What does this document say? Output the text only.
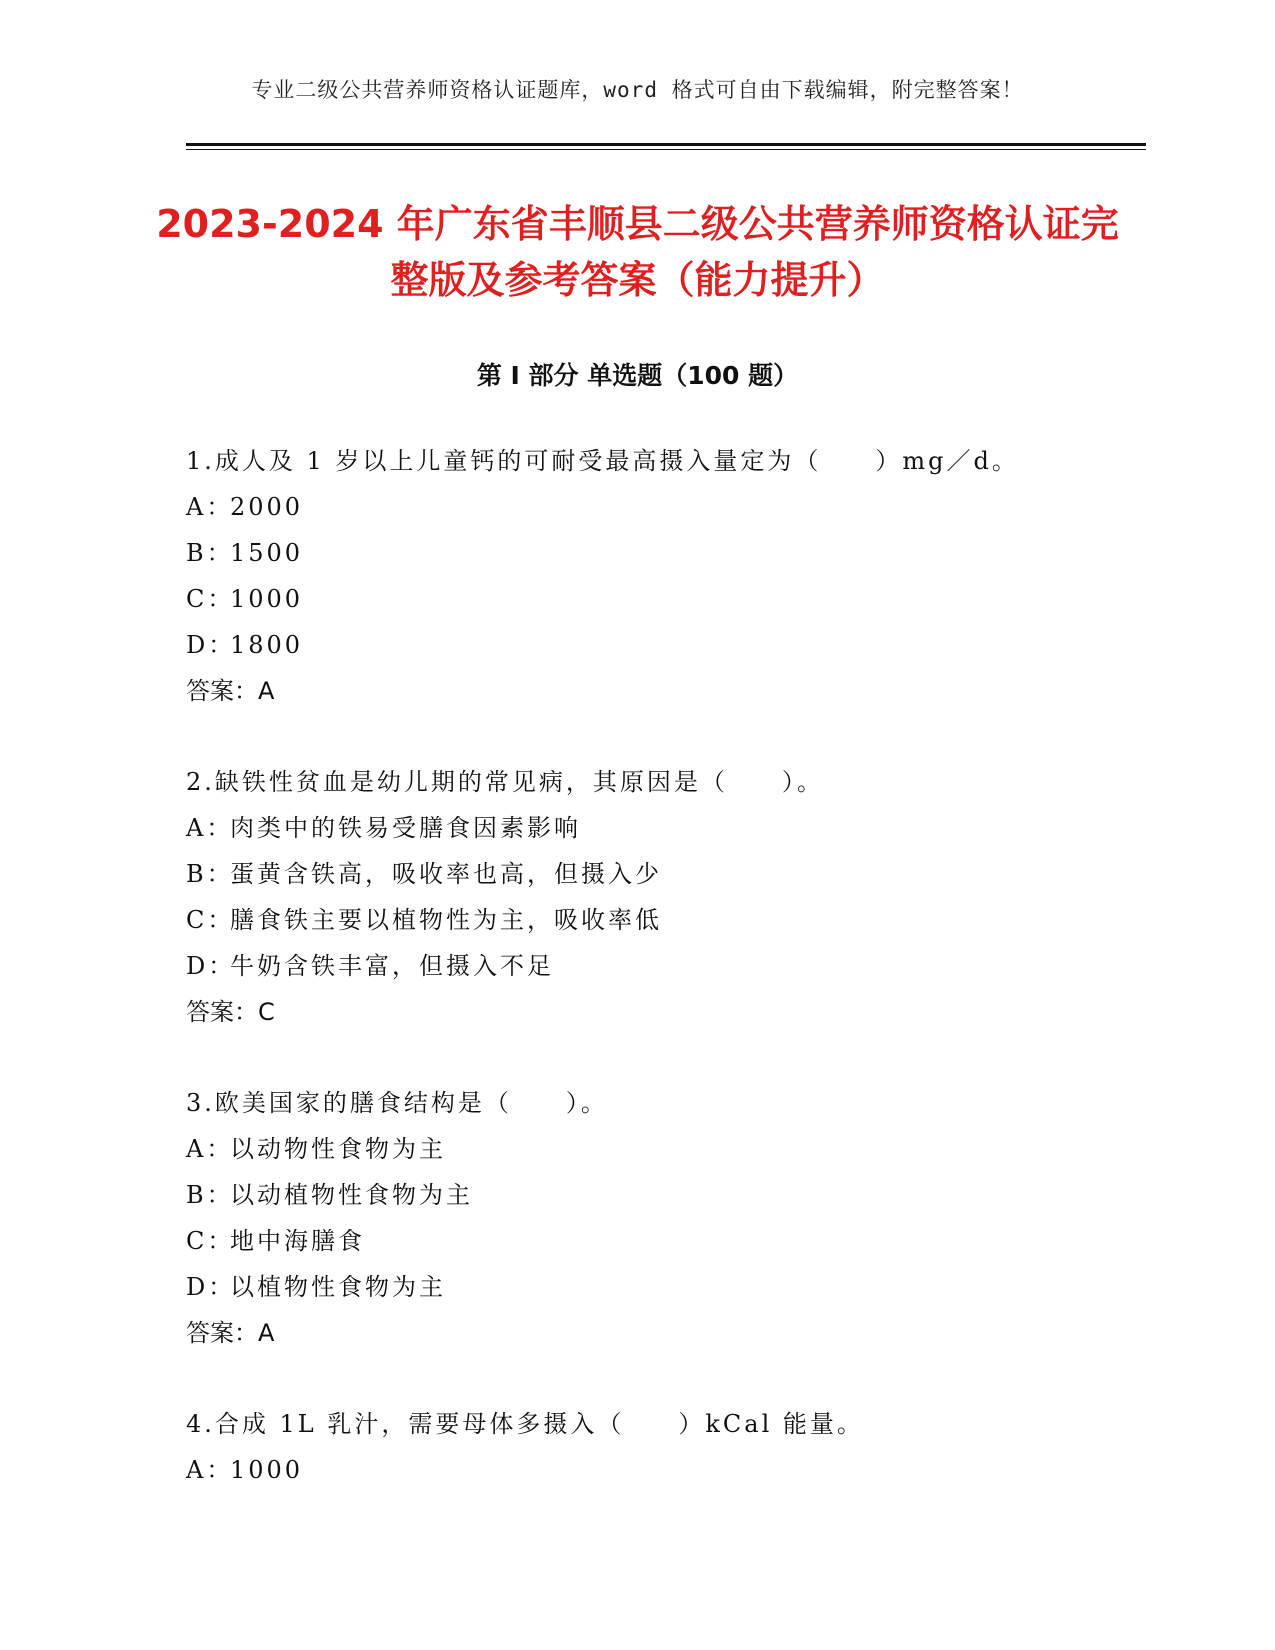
专业二级公共营养师资格认证题库，word 格式可自由下载编辑，附完整答案！
2023-2024 年广东省丰顺县二级公共营养师资格认证完整版及参考答案（能力提升）
第 I 部分 单选题（100 题）
1.成人及 1 岁以上儿童钙的可耐受最高摄入量定为（　　）mg／d。
A：2000
B：1500
C：1000
D：1800
答案：A
2.缺铁性贫血是幼儿期的常见病，其原因是（　　）。
A：肉类中的铁易受膳食因素影响
B：蛋黄含铁高，吸收率也高，但摄入少
C：膳食铁主要以植物性为主，吸收率低
D：牛奶含铁丰富，但摄入不足
答案：C
3.欧美国家的膳食结构是（　　）。
A：以动物性食物为主
B：以动植物性食物为主
C：地中海膳食
D：以植物性食物为主
答案：A
4.合成 1L 乳汁，需要母体多摄入（　　）kCal 能量。
A：1000
